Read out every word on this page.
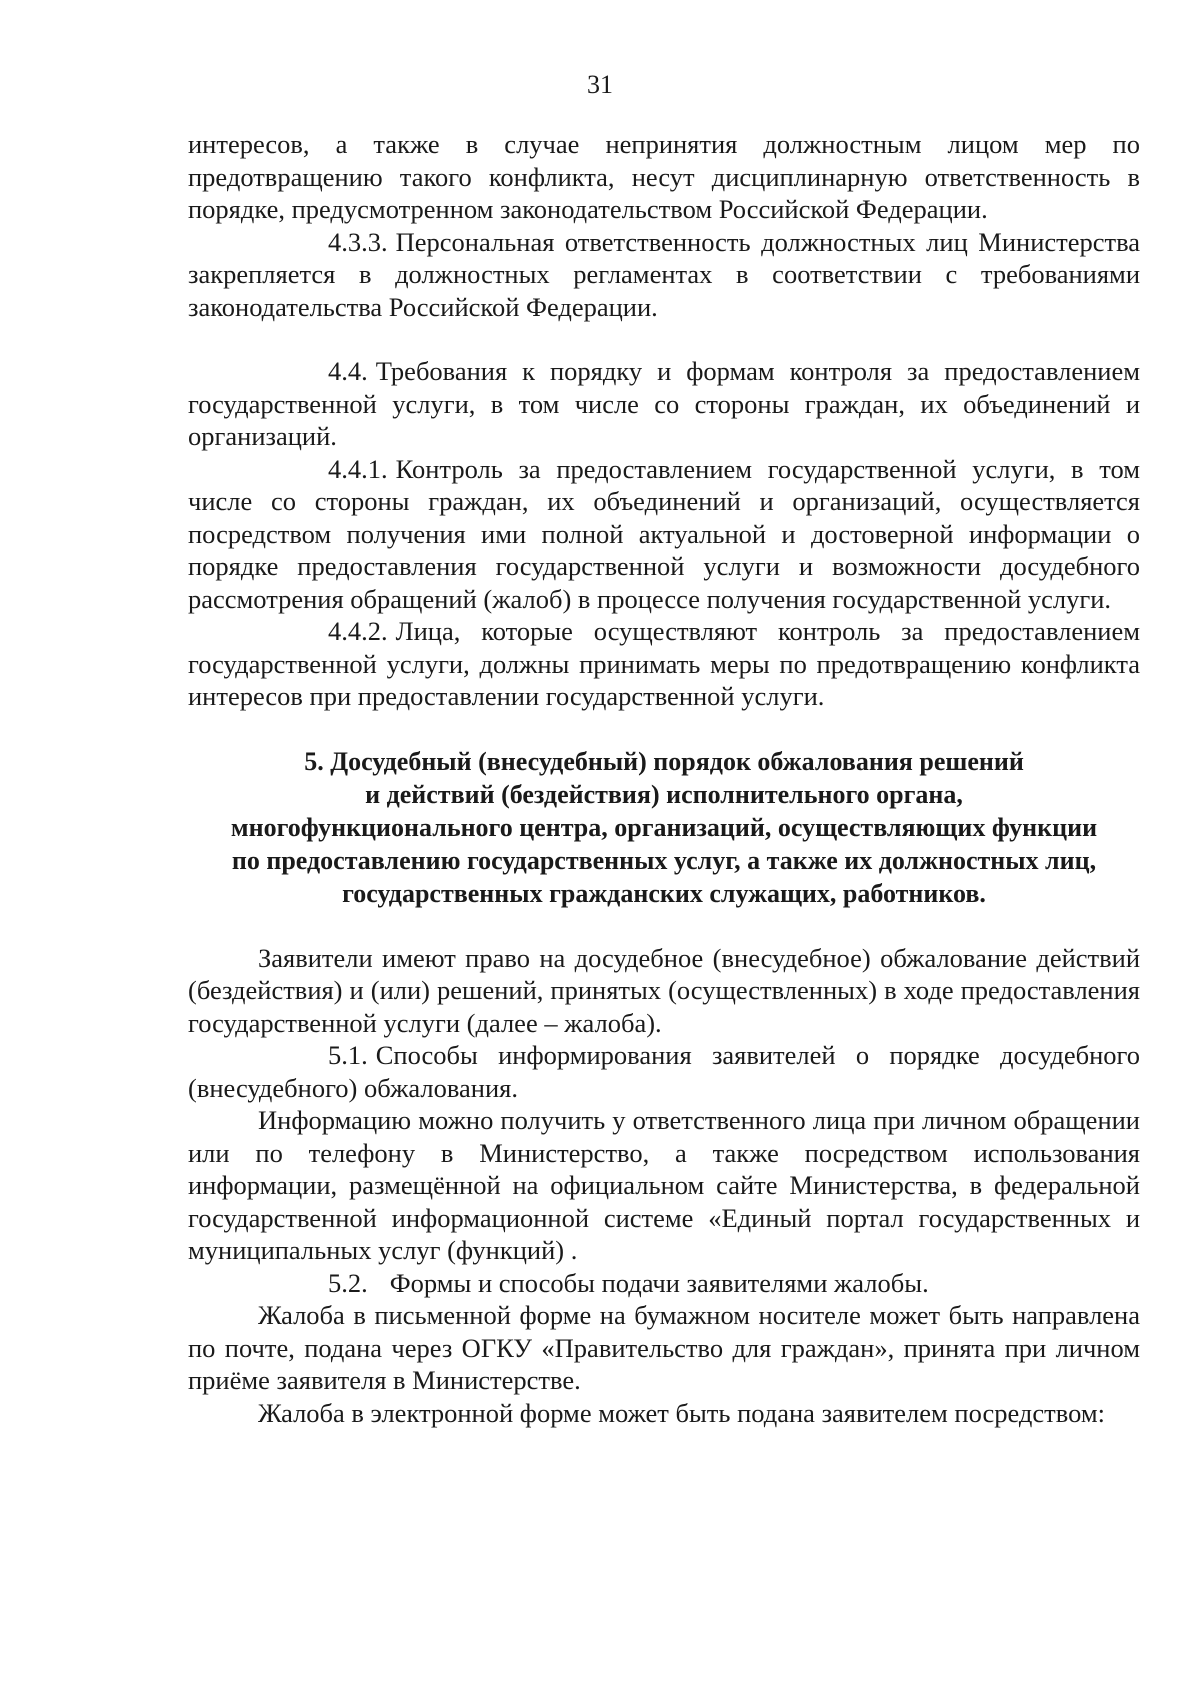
31

интересов, а также в случае непринятия должностным лицом мер по предотвращению такого конфликта, несут дисциплинарную ответственность в порядке, предусмотренном законодательством Российской Федерации.

4.3.3. Персональная ответственность должностных лиц Министерства закрепляется в должностных регламентах в соответствии с требованиями законодательства Российской Федерации.

4.4. Требования к порядку и формам контроля за предоставлением государственной услуги, в том числе со стороны граждан, их объединений и организаций.

4.4.1. Контроль за предоставлением государственной услуги, в том числе со стороны граждан, их объединений и организаций, осуществляется посредством получения ими полной актуальной и достоверной информации о порядке предоставления государственной услуги и возможности досудебного рассмотрения обращений (жалоб) в процессе получения государственной услуги.

4.4.2. Лица, которые осуществляют контроль за предоставлением государственной услуги, должны принимать меры по предотвращению конфликта интересов при предоставлении государственной услуги.

5. Досудебный (внесудебный) порядок обжалования решений
и действий (бездействия) исполнительного органа,
многофункционального центра, организаций, осуществляющих функции
по предоставлению государственных услуг, а также их должностных лиц,
государственных гражданских служащих, работников.

Заявители имеют право на досудебное (внесудебное) обжалование действий (бездействия) и (или) решений, принятых (осуществленных) в ходе предоставления государственной услуги (далее – жалоба).

5.1. Способы информирования заявителей о порядке досудебного (внесудебного) обжалования.

Информацию можно получить у ответственного лица при личном обращении или по телефону в Министерство, а также посредством использования информации, размещённой на официальном сайте Министерства, в федеральной государственной информационной системе «Единый портал государственных и муниципальных услуг (функций) .

5.2. Формы и способы подачи заявителями жалобы.

Жалоба в письменной форме на бумажном носителе может быть направлена по почте, подана через ОГКУ «Правительство для граждан», принята при личном приёме заявителя в Министерстве.

Жалоба в электронной форме может быть подана заявителем посредством:
